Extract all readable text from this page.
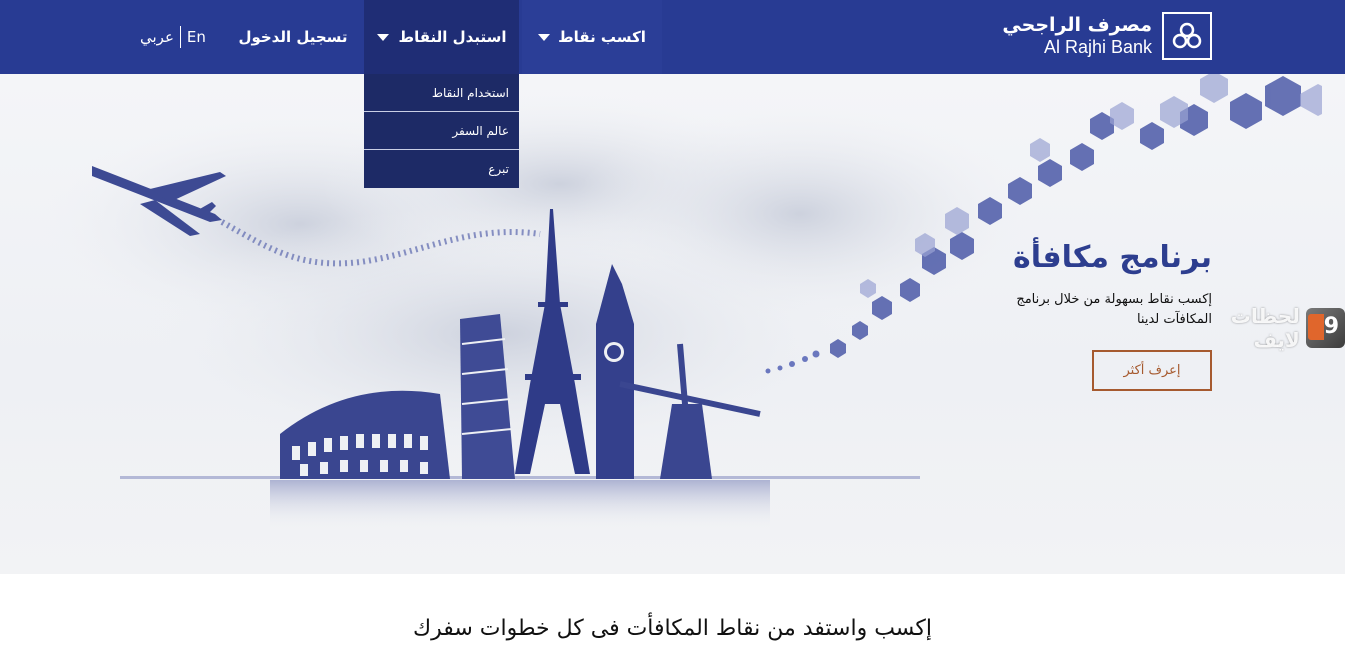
مصرف الراجحي
Al Rajhi Bank
اكسب نقاط
استبدل النقاط
تسجيل الدخول
عربي En
برنامج مكافأة
إكسب نقاط بسهولة من خلال برنامج المكافآت لدينا
إعرف أكثر
لحظات لايف
9
استخدام النقاط
عالم السفر
تبرع
إكسب واستفد من نقاط المكافأت فى كل خطوات سفرك
